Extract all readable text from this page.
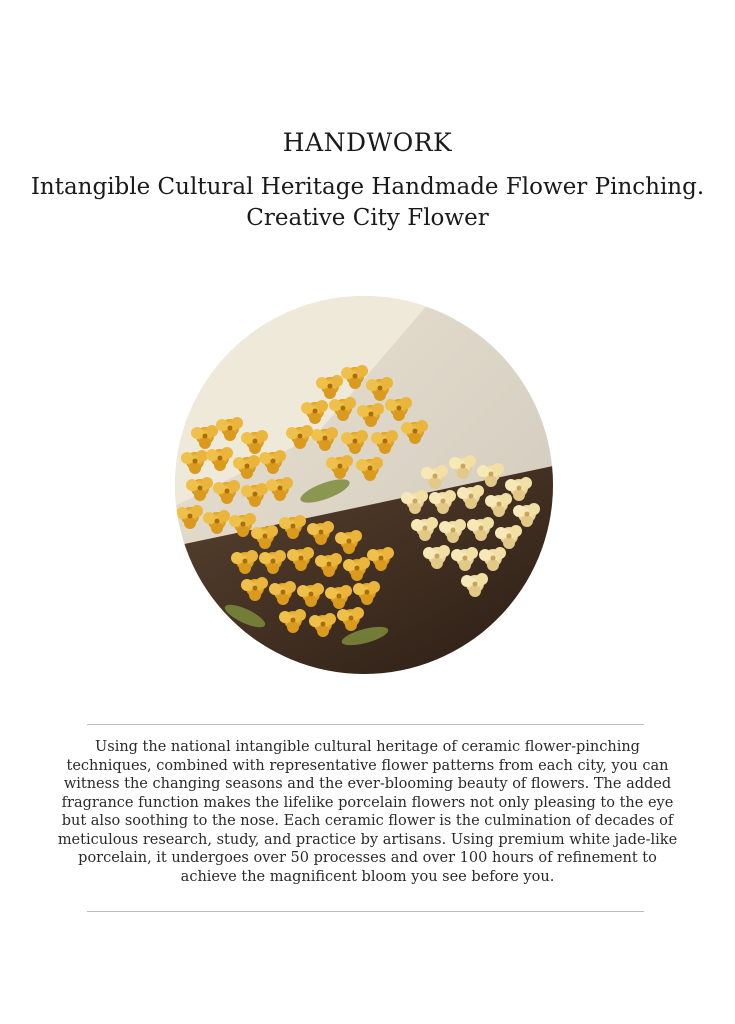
HANDWORK
Intangible Cultural Heritage Handmade Flower Pinching.
Creative City Flower

Using the national intangible cultural heritage of ceramic flower-pinching techniques, combined with representative flower patterns from each city, you can witness the changing seasons and the ever-blooming beauty of flowers. The added fragrance function makes the lifelike porcelain flowers not only pleasing to the eye but also soothing to the nose. Each ceramic flower is the culmination of decades of meticulous research, study, and practice by artisans. Using premium white jade-like porcelain, it undergoes over 50 processes and over 100 hours of refinement to achieve the magnificent bloom you see before you.
